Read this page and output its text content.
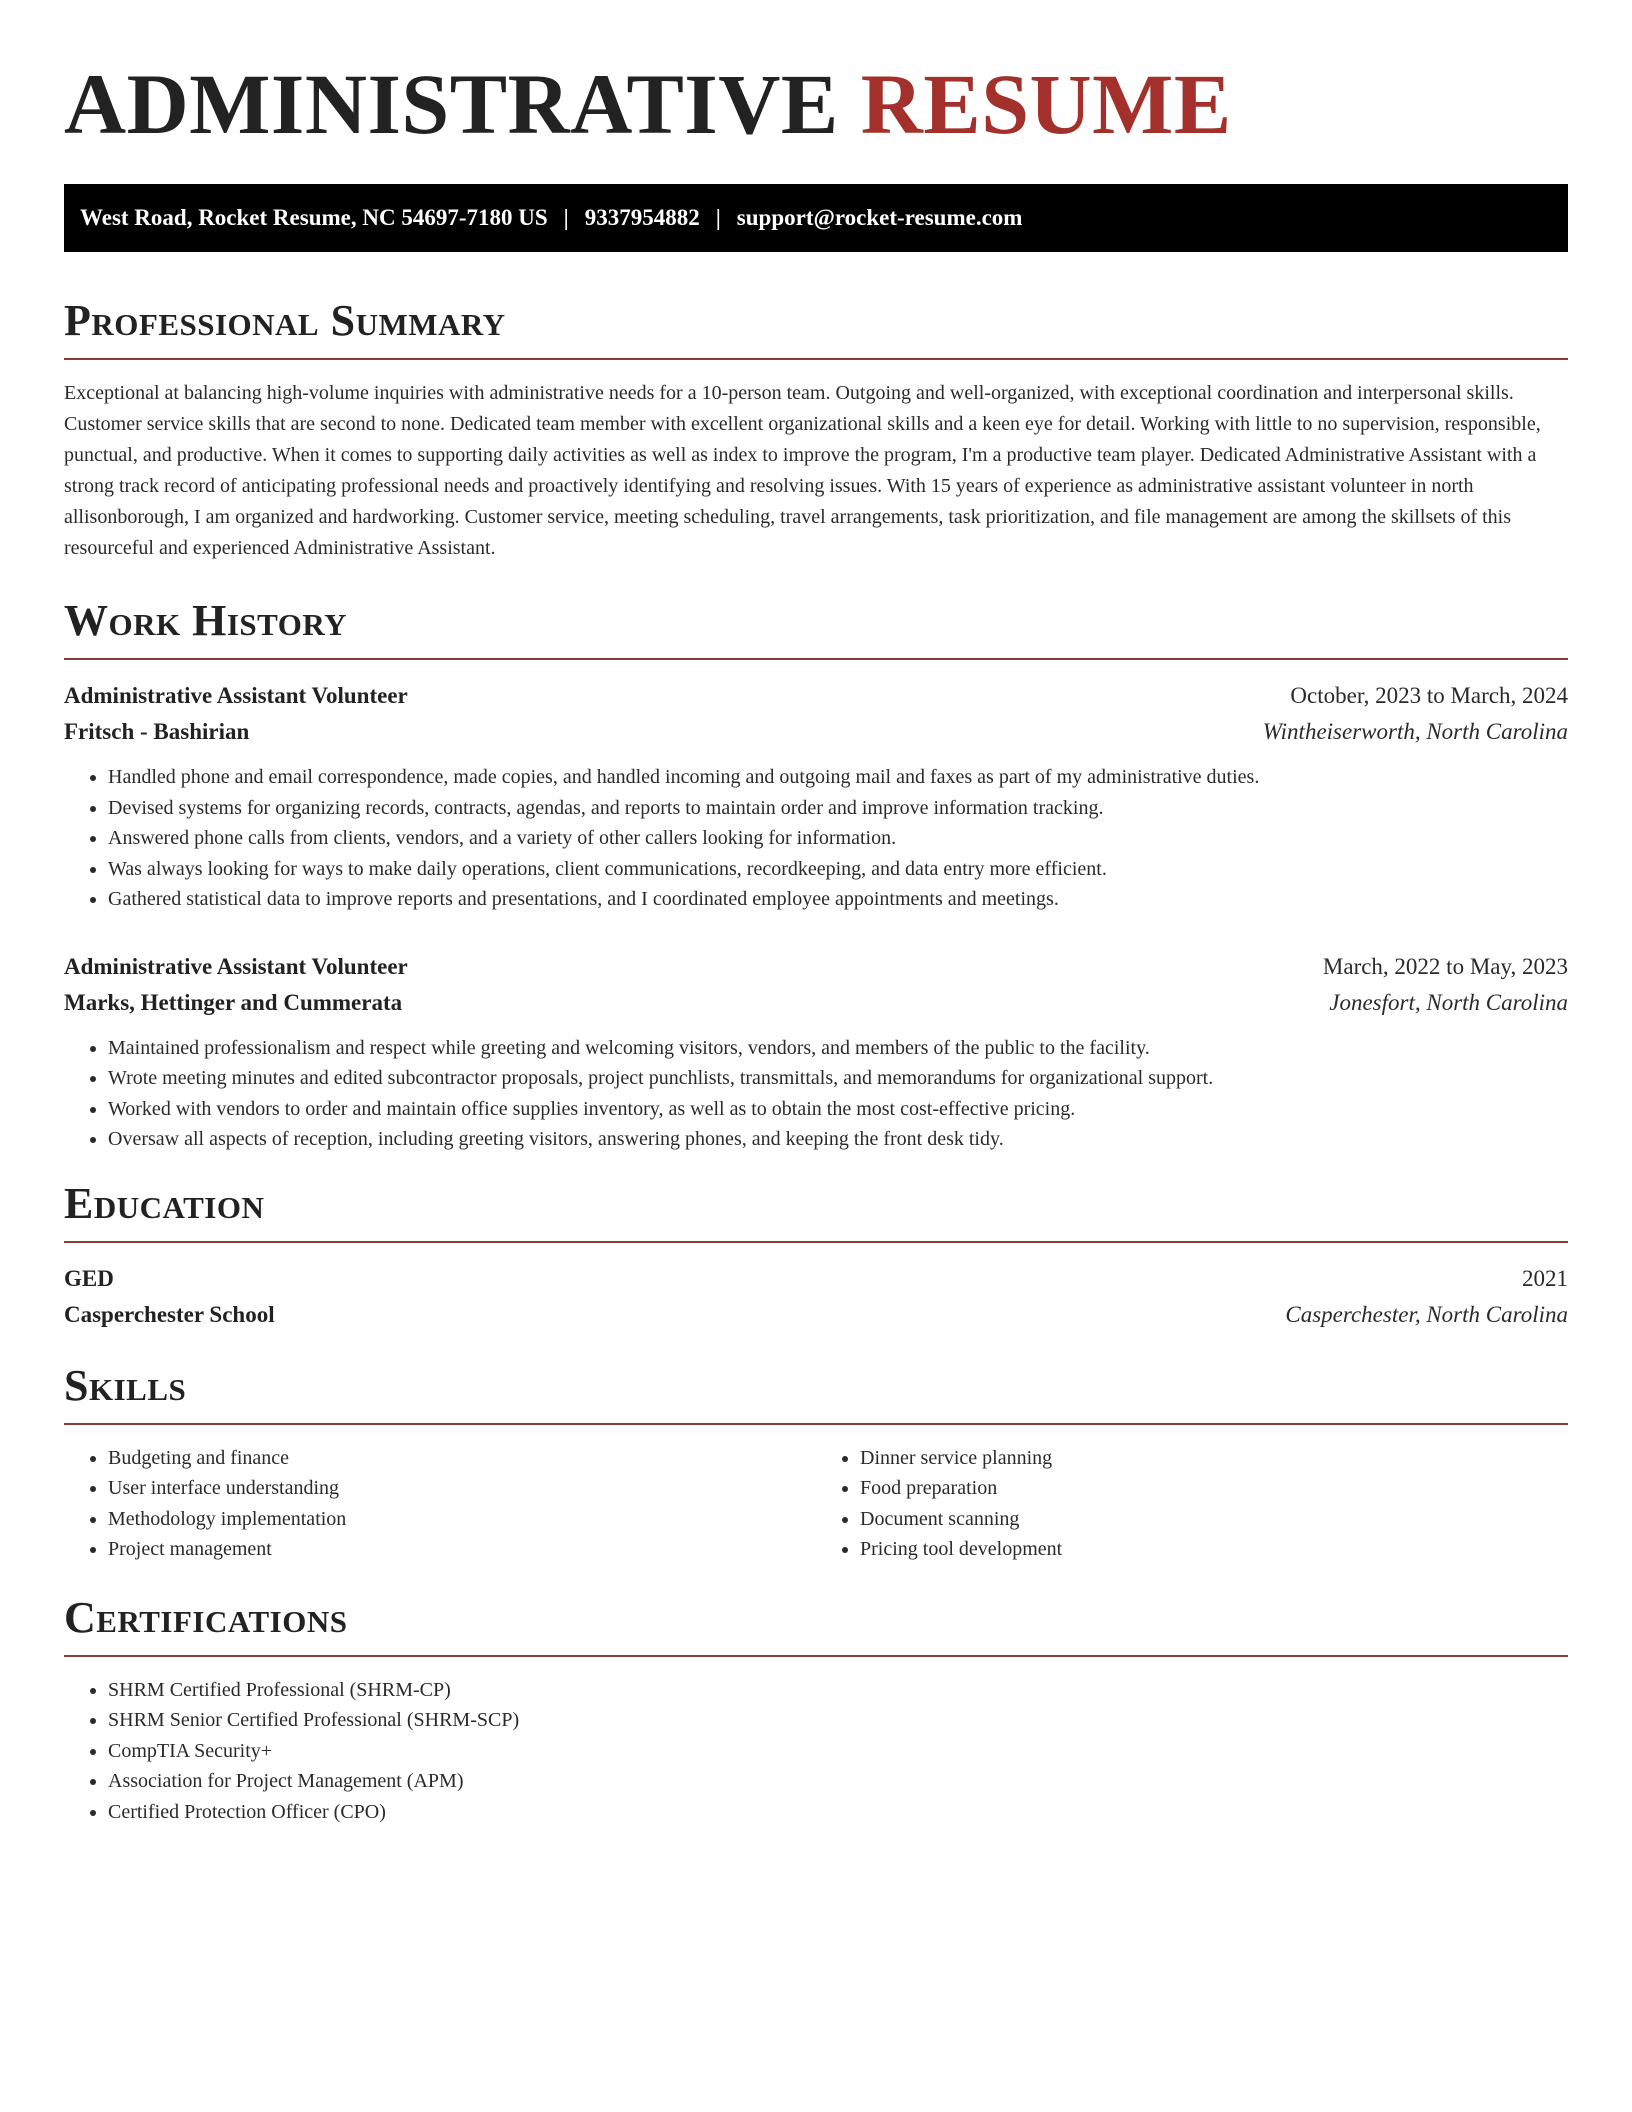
ADMINISTRATIVE RESUME
West Road, Rocket Resume, NC 54697-7180 US | 9337954882 | support@rocket-resume.com
Professional Summary

Exceptional at balancing high-volume inquiries with administrative needs for a 10-person team. Outgoing and well-organized, with exceptional coordination and interpersonal skills. Customer service skills that are second to none. Dedicated team member with excellent organizational skills and a keen eye for detail. Working with little to no supervision, responsible, punctual, and productive. When it comes to supporting daily activities as well as index to improve the program, I'm a productive team player. Dedicated Administrative Assistant with a strong track record of anticipating professional needs and proactively identifying and resolving issues. With 15 years of experience as administrative assistant volunteer in north allisonborough, I am organized and hardworking. Customer service, meeting scheduling, travel arrangements, task prioritization, and file management are among the skillsets of this resourceful and experienced Administrative Assistant.

Work History
Administrative Assistant Volunteer	October, 2023 to March, 2024
Fritsch - Bashirian	Wintheiserworth, North Carolina
• Handled phone and email correspondence, made copies, and handled incoming and outgoing mail and faxes as part of my administrative duties.
• Devised systems for organizing records, contracts, agendas, and reports to maintain order and improve information tracking.
• Answered phone calls from clients, vendors, and a variety of other callers looking for information.
• Was always looking for ways to make daily operations, client communications, recordkeeping, and data entry more efficient.
• Gathered statistical data to improve reports and presentations, and I coordinated employee appointments and meetings.
Administrative Assistant Volunteer	March, 2022 to May, 2023
Marks, Hettinger and Cummerata	Jonesfort, North Carolina
• Maintained professionalism and respect while greeting and welcoming visitors, vendors, and members of the public to the facility.
• Wrote meeting minutes and edited subcontractor proposals, project punchlists, transmittals, and memorandums for organizational support.
• Worked with vendors to order and maintain office supplies inventory, as well as to obtain the most cost-effective pricing.
• Oversaw all aspects of reception, including greeting visitors, answering phones, and keeping the front desk tidy.
Education
GED	2021
Casperchester School	Casperchester, North Carolina
Skills
• Budgeting and finance
• User interface understanding
• Methodology implementation
• Project management
• Dinner service planning
• Food preparation
• Document scanning
• Pricing tool development
Certifications
• SHRM Certified Professional (SHRM-CP)
• SHRM Senior Certified Professional (SHRM-SCP)
• CompTIA Security+
• Association for Project Management (APM)
• Certified Protection Officer (CPO)
